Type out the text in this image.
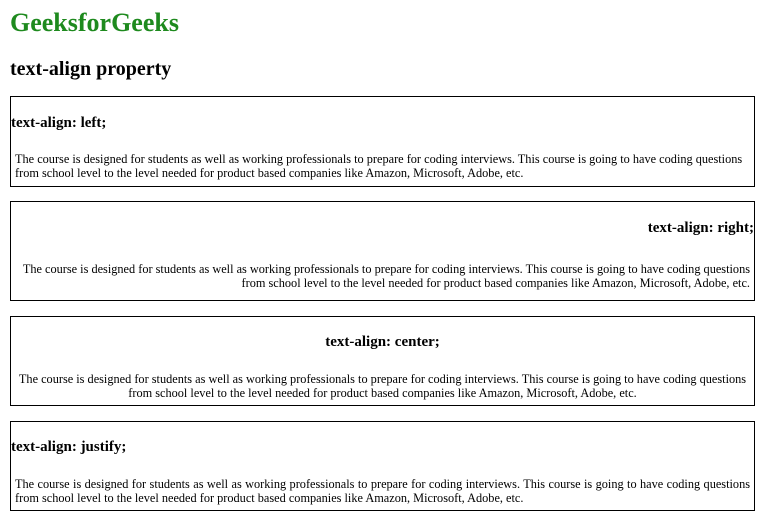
GeeksforGeeks
text-align property
text-align: left;

The course is designed for students as well as working professionals to prepare for coding interviews. This course is going to have coding questions from school level to the level needed for product based companies like Amazon, Microsoft, Adobe, etc.

text-align: right;

The course is designed for students as well as working professionals to prepare for coding interviews. This course is going to have coding questions from school level to the level needed for product based companies like Amazon, Microsoft, Adobe, etc.

text-align: center;

The course is designed for students as well as working professionals to prepare for coding interviews. This course is going to have coding questions from school level to the level needed for product based companies like Amazon, Microsoft, Adobe, etc.

text-align: justify;

The course is designed for students as well as working professionals to prepare for coding interviews. This course is going to have coding questions from school level to the level needed for product based companies like Amazon, Microsoft, Adobe, etc.
